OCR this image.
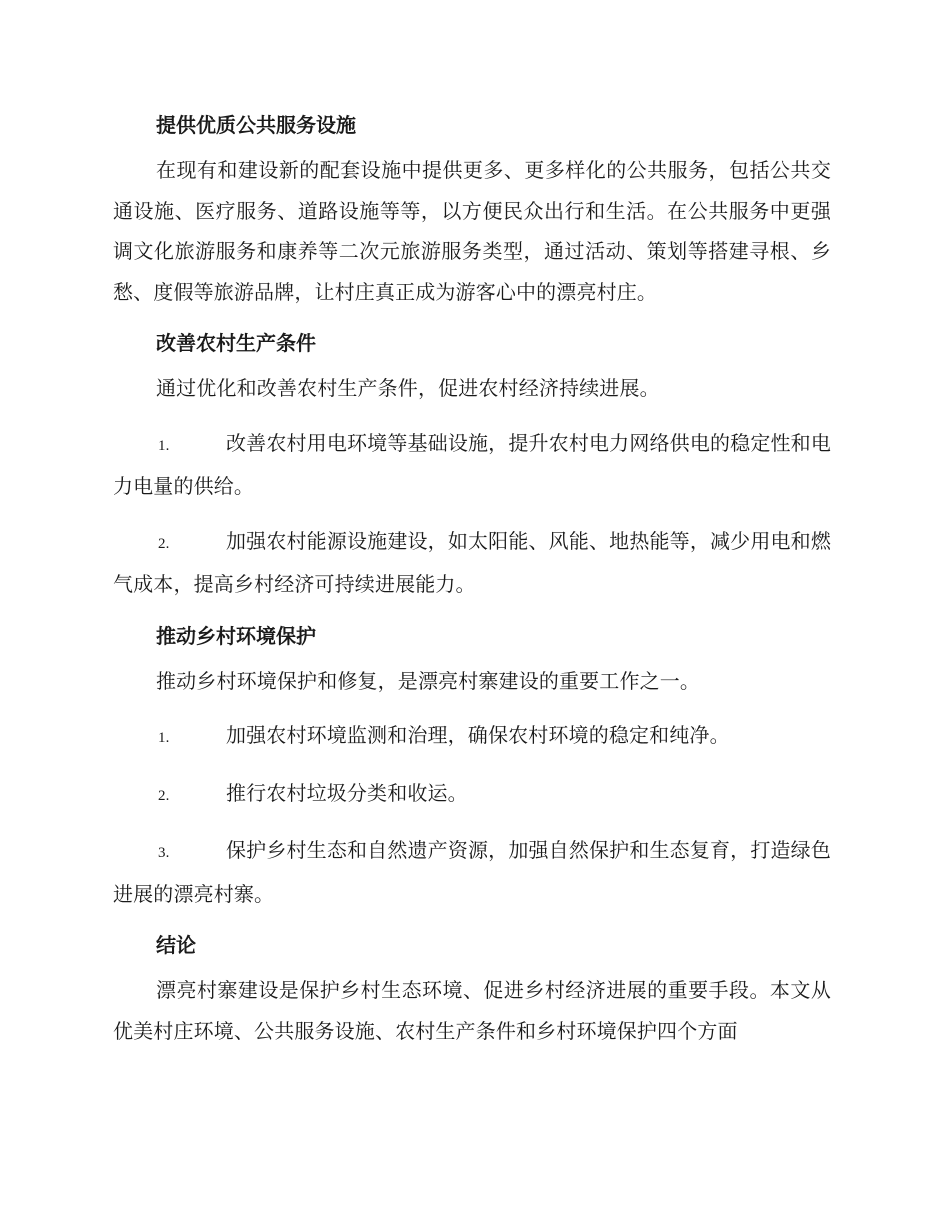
提供优质公共服务设施

在现有和建设新的配套设施中提供更多、更多样化的公共服务，包括公共交通设施、医疗服务、道路设施等等，以方便民众出行和生活。在公共服务中更强调文化旅游服务和康养等二次元旅游服务类型，通过活动、策划等搭建寻根、乡愁、度假等旅游品牌，让村庄真正成为游客心中的漂亮村庄。

改善农村生产条件

通过优化和改善农村生产条件，促进农村经济持续进展。

1.	改善农村用电环境等基础设施，提升农村电力网络供电的稳定性和电力电量的供给。

2.	加强农村能源设施建设，如太阳能、风能、地热能等，减少用电和燃气成本，提高乡村经济可持续进展能力。

推动乡村环境保护

推动乡村环境保护和修复，是漂亮村寨建设的重要工作之一。

1.	加强农村环境监测和治理，确保农村环境的稳定和纯净。

2.	推行农村垃圾分类和收运。

3.	保护乡村生态和自然遗产资源，加强自然保护和生态复育，打造绿色进展的漂亮村寨。

结论

漂亮村寨建设是保护乡村生态环境、促进乡村经济进展的重要手段。本文从优美村庄环境、公共服务设施、农村生产条件和乡村环境保护四个方面
